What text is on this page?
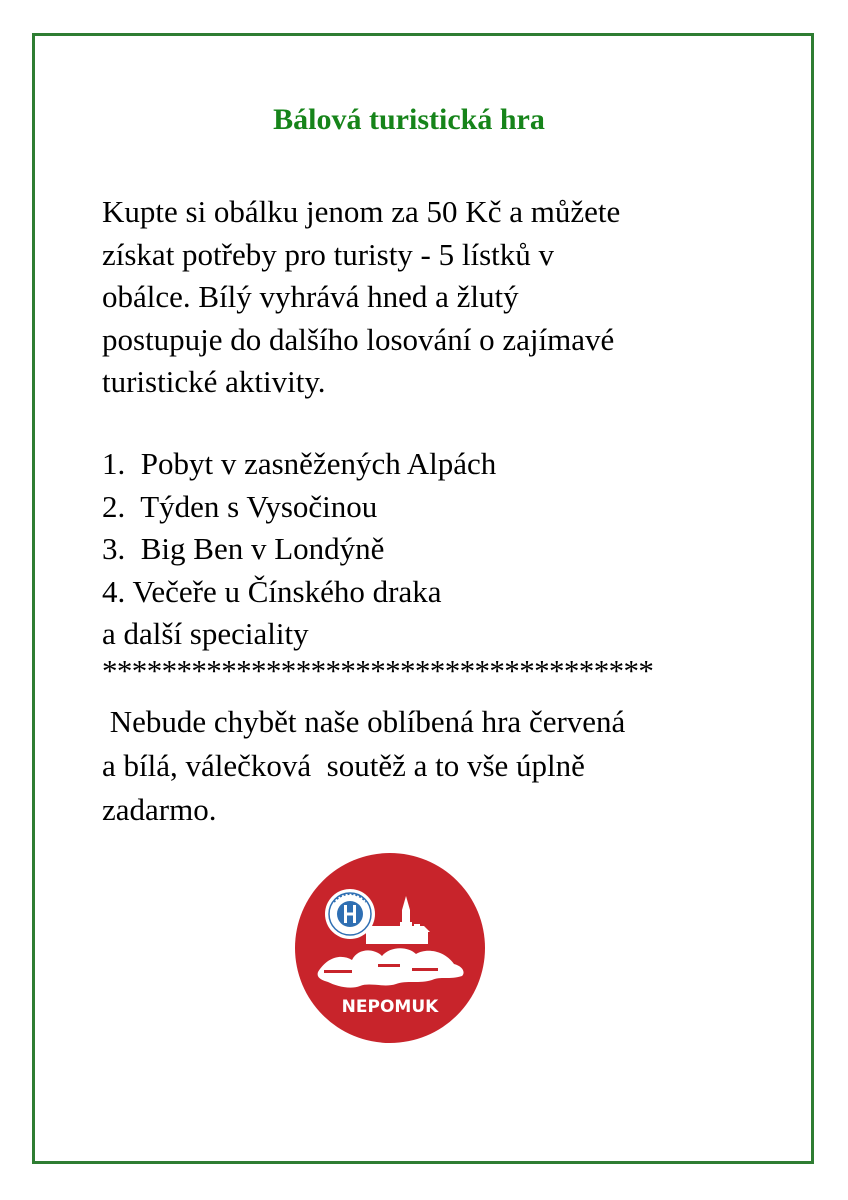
Bálová turistická hra

Kupte si obálku jenom za 50 Kč a můžete
získat potřeby pro turisty - 5 lístků v
obálce. Bílý vyhrává hned a žlutý
postupuje do dalšího losování o zajímavé
turistické aktivity.

1.  Pobyt v zasněžených Alpách
2.  Týden s Vysočinou
3.  Big Ben v Londýně
4. Večeře u Čínského draka
a další speciality
*************************************

Nebude chybět naše oblíbená hra červená
a bílá, válečková  soutěž a to vše úplně
zadarmo.

NEPOMUK
